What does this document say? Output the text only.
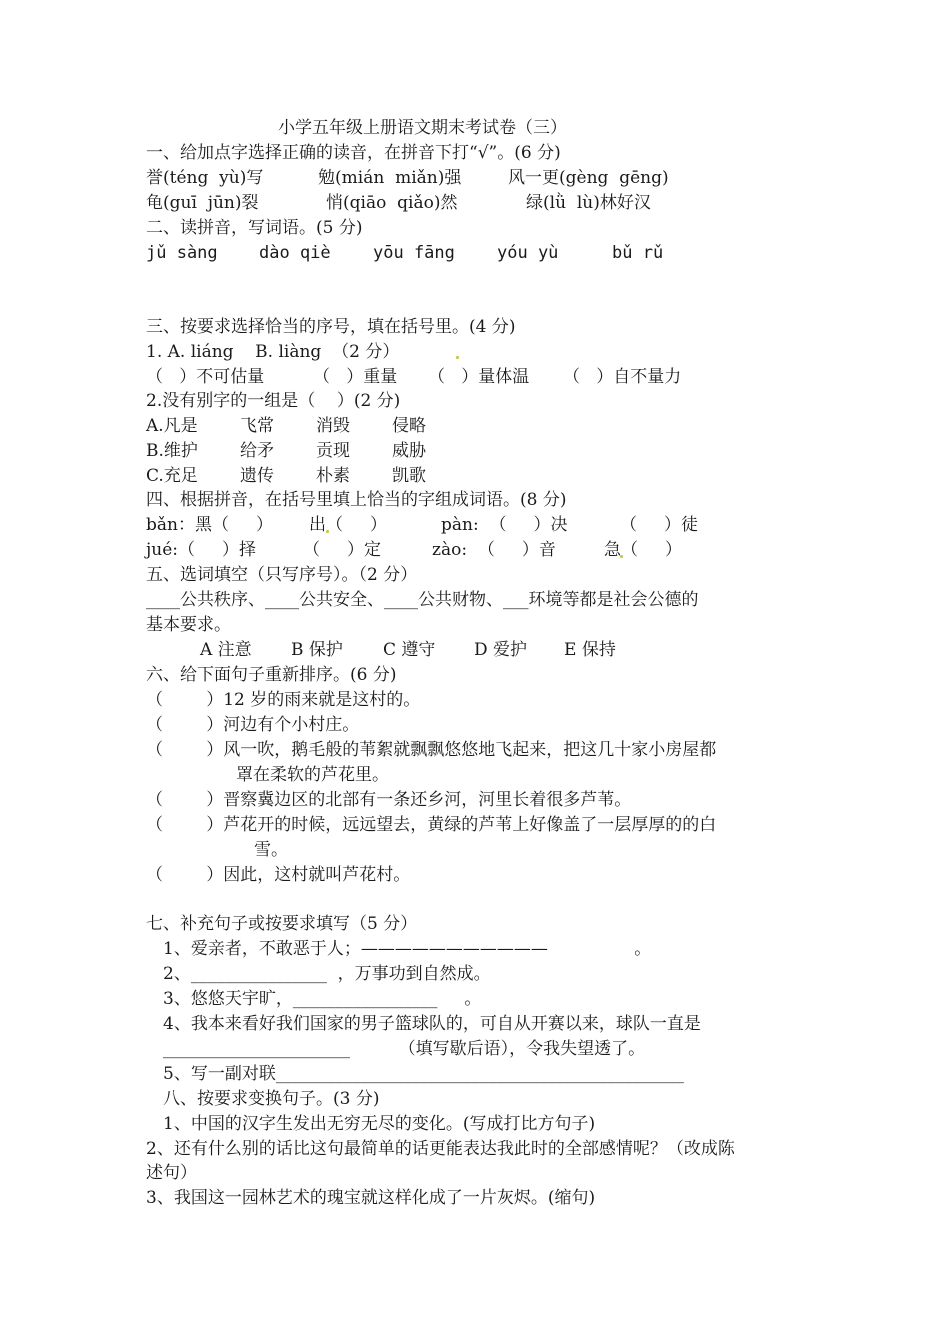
小学五年级上册语文期末考试卷（三）
一、给加点字选择正确的读音，在拼音下打“√”。(6 分)
誉(téng  yù)写	勉(mián  miǎn)强	风一更(gèng  gēng)
龟(guī  jūn)裂	悄(qiāo  qiǎo)然	绿(lǜ  lù)林好汉
二、读拼音，写词语。(5 分)
jǔ sàng dào qiè yōu fāng yóu yù	bǔ rǔ
三、按要求选择恰当的序号，填在括号里。(4 分)
1. A. liáng    B. liàng  （2 分）
（   ）不可估量	（   ）重量 （   ）量体温 （   ）自不量力
2.没有别字的一组是（    ）(2 分)
A.凡是 飞常 消毁 侵略
B.维护 给矛 贡现 威胁
C.充足 遗传 朴素 凯歌
四、根据拼音，在括号里填上恰当的字组成词语。(8 分)
bǎn：黑（     ） 出（     ）	pàn:  （     ）决	（     ）徒
jué:（     ）择	（     ）定	zào:  （     ）音	急（     ）
五、选词填空（只写序号）。（2 分）
____公共秩序、____公共安全、____公共财物、___环境等都是社会公德的
基本要求。
A 注意 B 保护 C 遵守 D 爱护 E 保持
六、给下面句子重新排序。(6 分)
（        ）12 岁的雨来就是这村的。
（        ）河边有个小村庄。
（        ）风一吹，鹅毛般的苇絮就飘飘悠悠地飞起来，把这几十家小房屋都
罩在柔软的芦花里。
（        ）晋察冀边区的北部有一条还乡河，河里长着很多芦苇。
（        ）芦花开的时候，远远望去，黄绿的芦苇上好像盖了一层厚厚的的白
雪。
（        ）因此，这村就叫芦花村。
七、补充句子或按要求填写（5 分）
1、爱亲者，不敢恶于人；———————————                。
2、________________  ，万事功到自然成。
3、悠悠天宇旷，_________________     。
4、我本来看好我们国家的男子篮球队的，可自从开赛以来，球队一直是
______________________         （填写歇后语），令我失望透了。
5、写一副对联________________________________________________
八、按要求变换句子。(3 分)
1、中国的汉字生发出无穷无尽的变化。(写成打比方句子)
2、还有什么别的话比这句最简单的话更能表达我此时的全部感情呢？（改成陈
述句）
3、我国这一园林艺术的瑰宝就这样化成了一片灰烬。(缩句)
